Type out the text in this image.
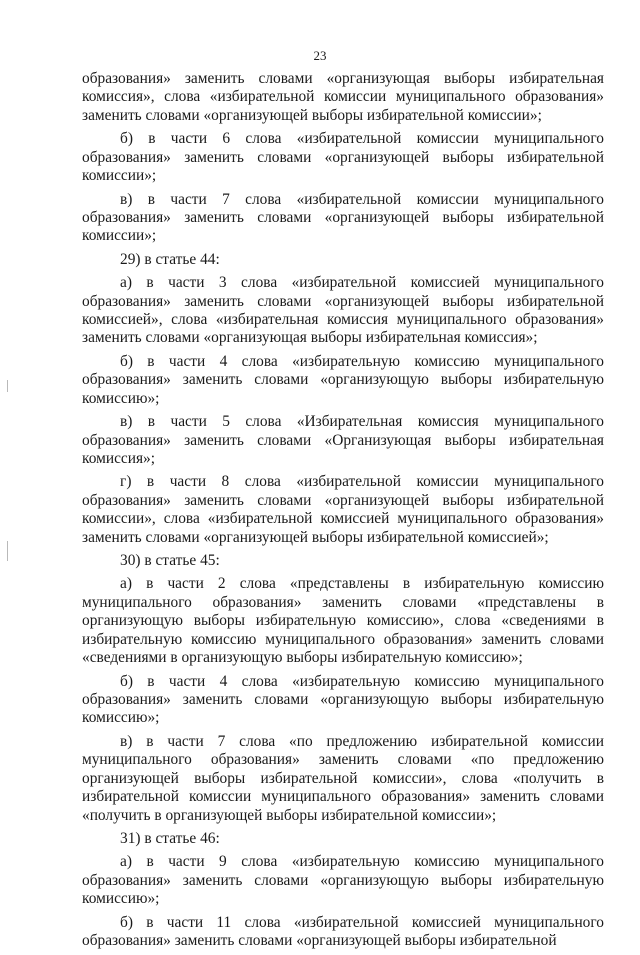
23

образования» заменить словами «организующая выборы избирательная комиссия», слова «избирательной комиссии муниципального образования» заменить словами «организующей выборы избирательной комиссии»;

б) в части 6 слова «избирательной комиссии муниципального образования» заменить словами «организующей выборы избирательной комиссии»;

в) в части 7 слова «избирательной комиссии муниципального образования» заменить словами «организующей выборы избирательной комиссии»;

29) в статье 44:

а) в части 3 слова «избирательной комиссией муниципального образования» заменить словами «организующей выборы избирательной комиссией», слова «избирательная комиссия муниципального образования» заменить словами «организующая выборы избирательная комиссия»;

б) в части 4 слова «избирательную комиссию муниципального образования» заменить словами «организующую выборы избирательную комиссию»;

в) в части 5 слова «Избирательная комиссия муниципального образования» заменить словами «Организующая выборы избирательная комиссия»;

г) в части 8 слова «избирательной комиссии муниципального образования» заменить словами «организующей выборы избирательной комиссии», слова «избирательной комиссией муниципального образования» заменить словами «организующей выборы избирательной комиссией»;

30) в статье 45:

а) в части 2 слова «представлены в избирательную комиссию муниципального образования» заменить словами «представлены в организующую выборы избирательную комиссию», слова «сведениями в избирательную комиссию муниципального образования» заменить словами «сведениями в организующую выборы избирательную комиссию»;

б) в части 4 слова «избирательную комиссию муниципального образования» заменить словами «организующую выборы избирательную комиссию»;

в) в части 7 слова «по предложению избирательной комиссии муниципального образования» заменить словами «по предложению организующей выборы избирательной комиссии», слова «получить в избирательной комиссии муниципального образования» заменить словами «получить в организующей выборы избирательной комиссии»;

31) в статье 46:

а) в части 9 слова «избирательную комиссию муниципального образования» заменить словами «организующую выборы избирательную комиссию»;

б) в части 11 слова «избирательной комиссией муниципального образования» заменить словами «организующей выборы избирательной
